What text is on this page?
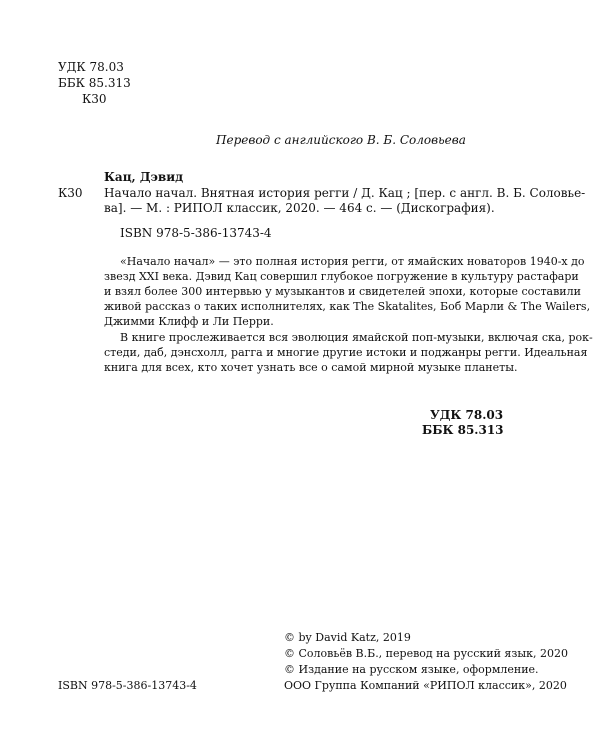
УДК 78.03
ББК 85.313
К30
Перевод с английского В. Б. Соловьева
Кац, Дэвид
К30 Начало начал. Внятная история регги / Д. Кац ; [пер. с англ. В. Б. Соловье-
ва]. — М. : РИПОЛ классик, 2020. — 464 с. — (Дискография).
ISBN 978-5-386-13743-4
«Начало начал» — это полная история регги, от ямайских новаторов 1940-х до
звезд XXI века. Дэвид Кац совершил глубокое погружение в культуру растафари
и взял более 300 интервью у музыкантов и свидетелей эпохи, которые составили
живой рассказ о таких исполнителях, как The Skatalites, Боб Марли & The Wailers,
Джимми Клифф и Ли Перри.
В книге прослеживается вся эволюция ямайской поп-музыки, включая ска, рок-
стеди, даб, дэнсхолл, рагга и многие другие истоки и поджанры регги. Идеальная
книга для всех, кто хочет узнать все о самой мирной музыке планеты.
УДК 78.03
ББК 85.313
© by David Katz, 2019
© Соловьёв В.Б., перевод на русский язык, 2020
© Издание на русском языке, оформление.
ISBN 978-5-386-13743-4	ООО Группа Компаний «РИПОЛ классик», 2020
